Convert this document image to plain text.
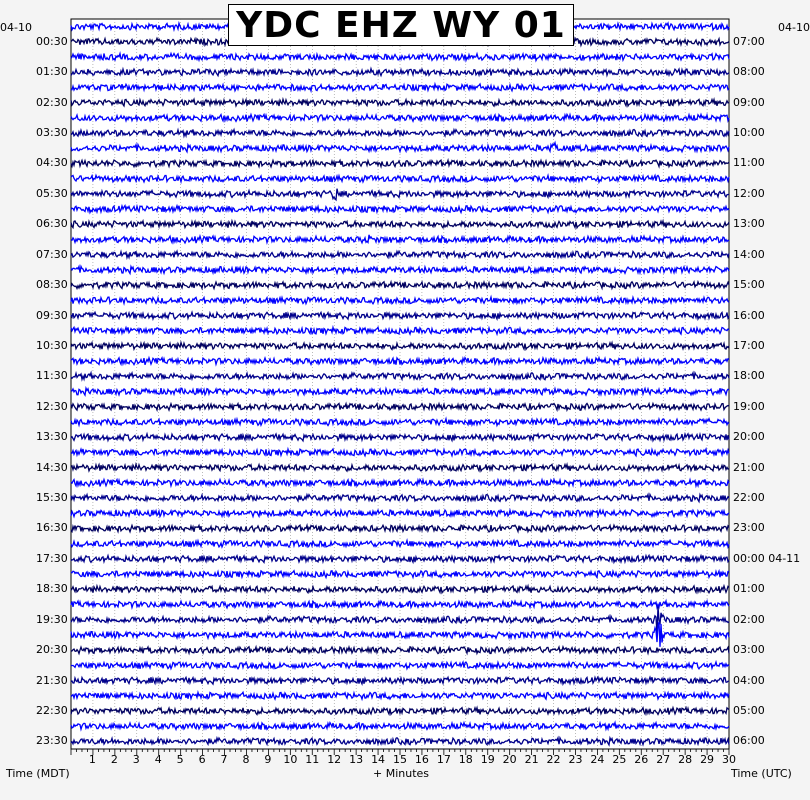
YDC EHZ WY 01
04-10	04-10
00:30
01:30
02:30
03:30
04:30
05:30
06:30
07:30
08:30
09:30
10:30
11:30
12:30
13:30
14:30
15:30
16:30
17:30
18:30
19:30
20:30
21:30
22:30
23:30
07:00
08:00
09:00
10:00
11:00
12:00
13:00
14:00
15:00
16:00
17:00
18:00
19:00
20:00
21:00
22:00
23:00
00:00 04-11
01:00
02:00
03:00
04:00
05:00
06:00
1 2 3 4 5 6 7 8 9 10 11 12 13 14 15 16 17 18 19 20 21 22 23 24 25 26 27 28 29 30
Time (MDT)	+ Minutes	Time (UTC)
